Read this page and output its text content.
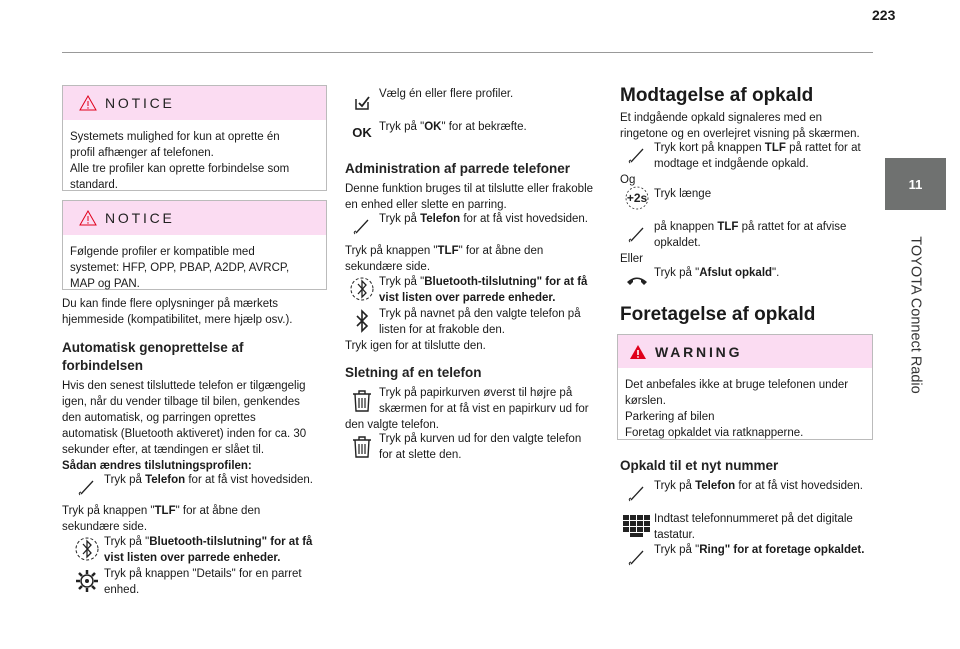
223
11
TOYOTA Connect Radio
NOTICE
Systemets mulighed for kun at oprette én
profil afhænger af telefonen.
Alle tre profiler kan oprette forbindelse som
standard.
NOTICE
Følgende profiler er kompatible med
systemet: HFP, OPP, PBAP, A2DP, AVRCP,
MAP og PAN.
Du kan finde flere oplysninger på mærkets
hjemmeside (kompatibilitet, mere hjælp osv.).
Automatisk genoprettelse af
forbindelsen
Hvis den senest tilsluttede telefon er tilgængelig
igen, når du vender tilbage til bilen, genkendes
den automatisk, og parringen oprettes
automatisk (Bluetooth aktiveret) inden for ca. 30
sekunder efter, at tændingen er slået til.
Sådan ændres tilslutningsprofilen:
Tryk på Telefon for at få vist hovedsiden.
Tryk på knappen "TLF" for at åbne den
sekundære side.
Tryk på "Bluetooth-tilslutning" for at få
vist listen over parrede enheder.
Tryk på knappen "Details" for en parret
enhed.
Vælg én eller flere profiler.
OK Tryk på "OK" for at bekræfte.
Administration af parrede telefoner
Denne funktion bruges til at tilslutte eller frakoble
en enhed eller slette en parring.
Tryk på Telefon for at få vist hovedsiden.
Tryk på knappen "TLF" for at åbne den
sekundære side.
Tryk på "Bluetooth-tilslutning" for at få
vist listen over parrede enheder.
Tryk på navnet på den valgte telefon på
listen for at frakoble den.
Tryk igen for at tilslutte den.
Sletning af en telefon
Tryk på papirkurven øverst til højre på
skærmen for at få vist en papirkurv ud for
den valgte telefon.
Tryk på kurven ud for den valgte telefon
for at slette den.
Modtagelse af opkald
Et indgående opkald signaleres med en
ringetone og en overlejret visning på skærmen.
Tryk kort på knappen TLF på rattet for at
modtage et indgående opkald.
Og
+2s Tryk længe
på knappen TLF på rattet for at afvise
opkaldet.
Eller
Tryk på "Afslut opkald".
Foretagelse af opkald
WARNING
Det anbefales ikke at bruge telefonen under
kørslen.
Parkering af bilen
Foretag opkaldet via ratknapperne.
Opkald til et nyt nummer
Tryk på Telefon for at få vist hovedsiden.
Indtast telefonnummeret på det digitale
tastatur.
Tryk på "Ring" for at foretage opkaldet.
